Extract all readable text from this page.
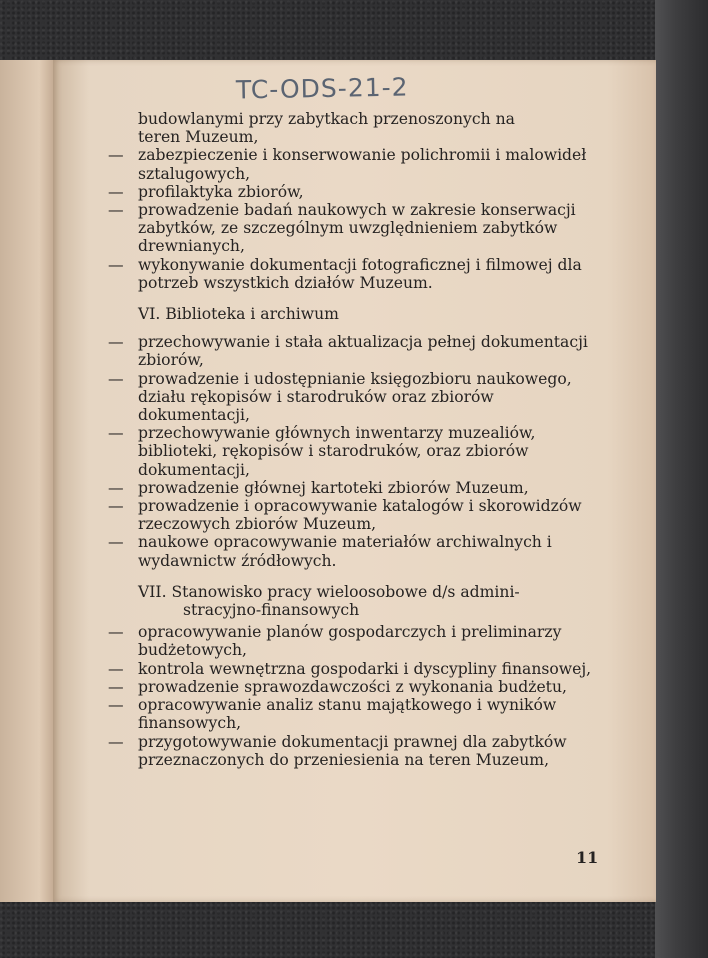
TC-ODS-21-2
budowlanymi przy zabytkach przenoszonych na
teren Muzeum,

— zabezpieczenie i konserwowanie polichromii i malowideł sztalugowych,

— profilaktyka zbiorów,

— prowadzenie badań naukowych w zakresie konserwacji zabytków, ze szczególnym uwzględnieniem zabytków drewnianych,

— wykonywanie dokumentacji fotograficznej i filmowej dla potrzeb wszystkich działów Muzeum.

VI. Biblioteka i archiwum

— przechowywanie i stała aktualizacja pełnej dokumentacji zbiorów,

— prowadzenie i udostępnianie księgozbioru naukowego, działu rękopisów i starodruków oraz zbiorów dokumentacji,

— przechowywanie głównych inwentarzy muzealiów, biblioteki, rękopisów i starodruków, oraz zbiorów dokumentacji,

— prowadzenie głównej kartoteki zbiorów Muzeum,

— prowadzenie i opracowywanie katalogów i skorowidzów rzeczowych zbiorów Muzeum,

— naukowe opracowywanie materiałów archiwalnych i wydawnictw źródłowych.

VII. Stanowisko pracy wieloosobowe d/s admini-
stracyjno-finansowych

— opracowywanie planów gospodarczych i preliminarzy budżetowych,

— kontrola wewnętrzna gospodarki i dyscypliny finansowej,

— prowadzenie sprawozdawczości z wykonania budżetu,

— opracowywanie analiz stanu majątkowego i wyników finansowych,

— przygotowywanie dokumentacji prawnej dla zabytków przeznaczonych do przeniesienia na teren Muzeum,

11
